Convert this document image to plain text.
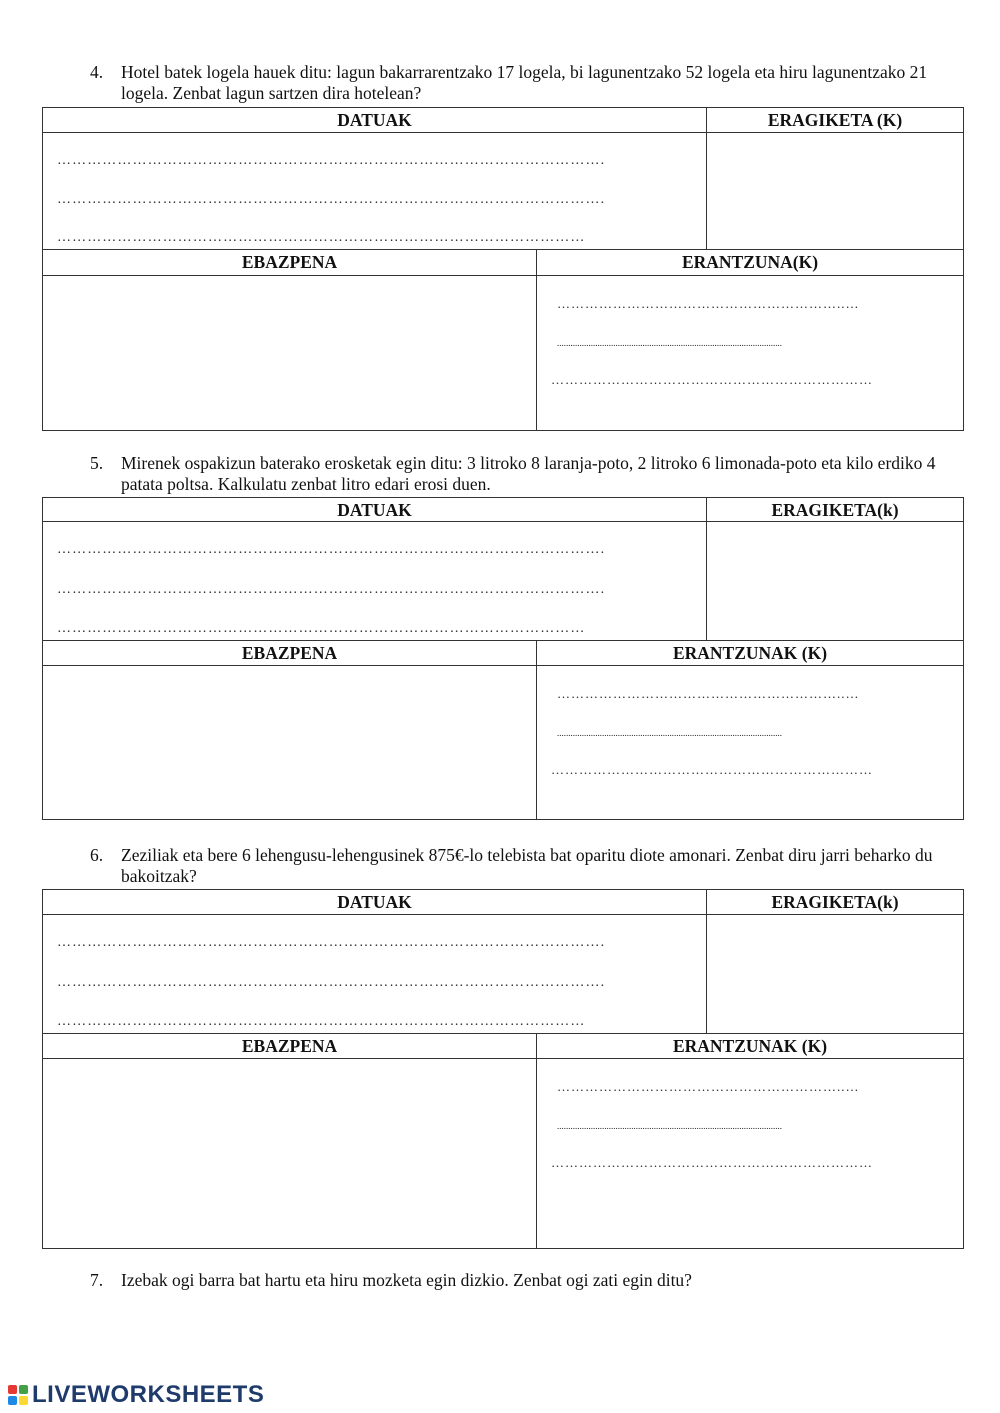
4.	Hotel batek logela hauek ditu: lagun bakarrarentzako 17 logela, bi lagunentzako 52 logela eta hiru lagunentzako 21 logela. Zenbat lagun sartzen dira hotelean?
DATUAK	ERAGIKETA (K)
……………………………………………………………………………………………….
……………………………………………………………………………………………….
……………………………………………………………………………………………
EBAZPENA	ERANTZUNA(K)
……………………………………………………..…
....................................................................................................
……………………………………………………………
5.	Mirenek ospakizun baterako erosketak egin ditu: 3 litroko 8 laranja-poto, 2 litroko 6 limonada-poto eta kilo erdiko 4 patata poltsa. Kalkulatu zenbat litro edari erosi duen.
DATUAK	ERAGIKETA(k)
……………………………………………………………………………………………….
……………………………………………………………………………………………….
……………………………………………………………………………………………
EBAZPENA	ERANTZUNAK (K)
……………………………………………………..…
....................................................................................................
……………………………………………………………
6.	Zeziliak eta bere 6 lehengusu-lehengusinek 875€-lo telebista bat oparitu diote amonari. Zenbat diru jarri beharko du bakoitzak?
DATUAK	ERAGIKETA(k)
……………………………………………………………………………………………….
……………………………………………………………………………………………….
……………………………………………………………………………………………
EBAZPENA	ERANTZUNAK (K)
……………………………………………………..…
....................................................................................................
……………………………………………………………
7.	Izebak ogi barra bat hartu eta hiru mozketa egin dizkio. Zenbat ogi zati egin ditu?
LIVEWORKSHEETS
